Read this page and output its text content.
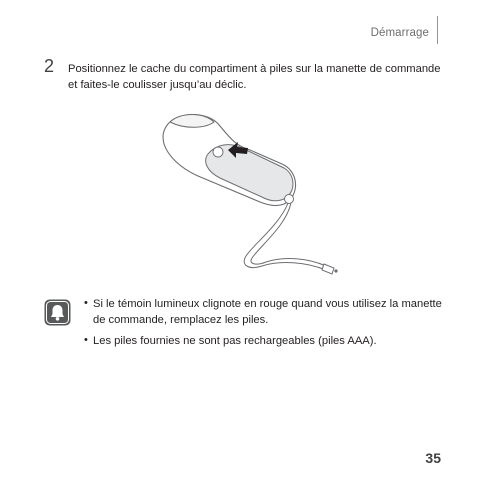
Démarrage
2 Positionnez le cache du compartiment à piles sur la manette de commande
et faites-le coulisser jusqu’au déclic.
• Si le témoin lumineux clignote en rouge quand vous utilisez la manette
de commande, remplacez les piles.
• Les piles fournies ne sont pas rechargeables (piles AAA).
35
